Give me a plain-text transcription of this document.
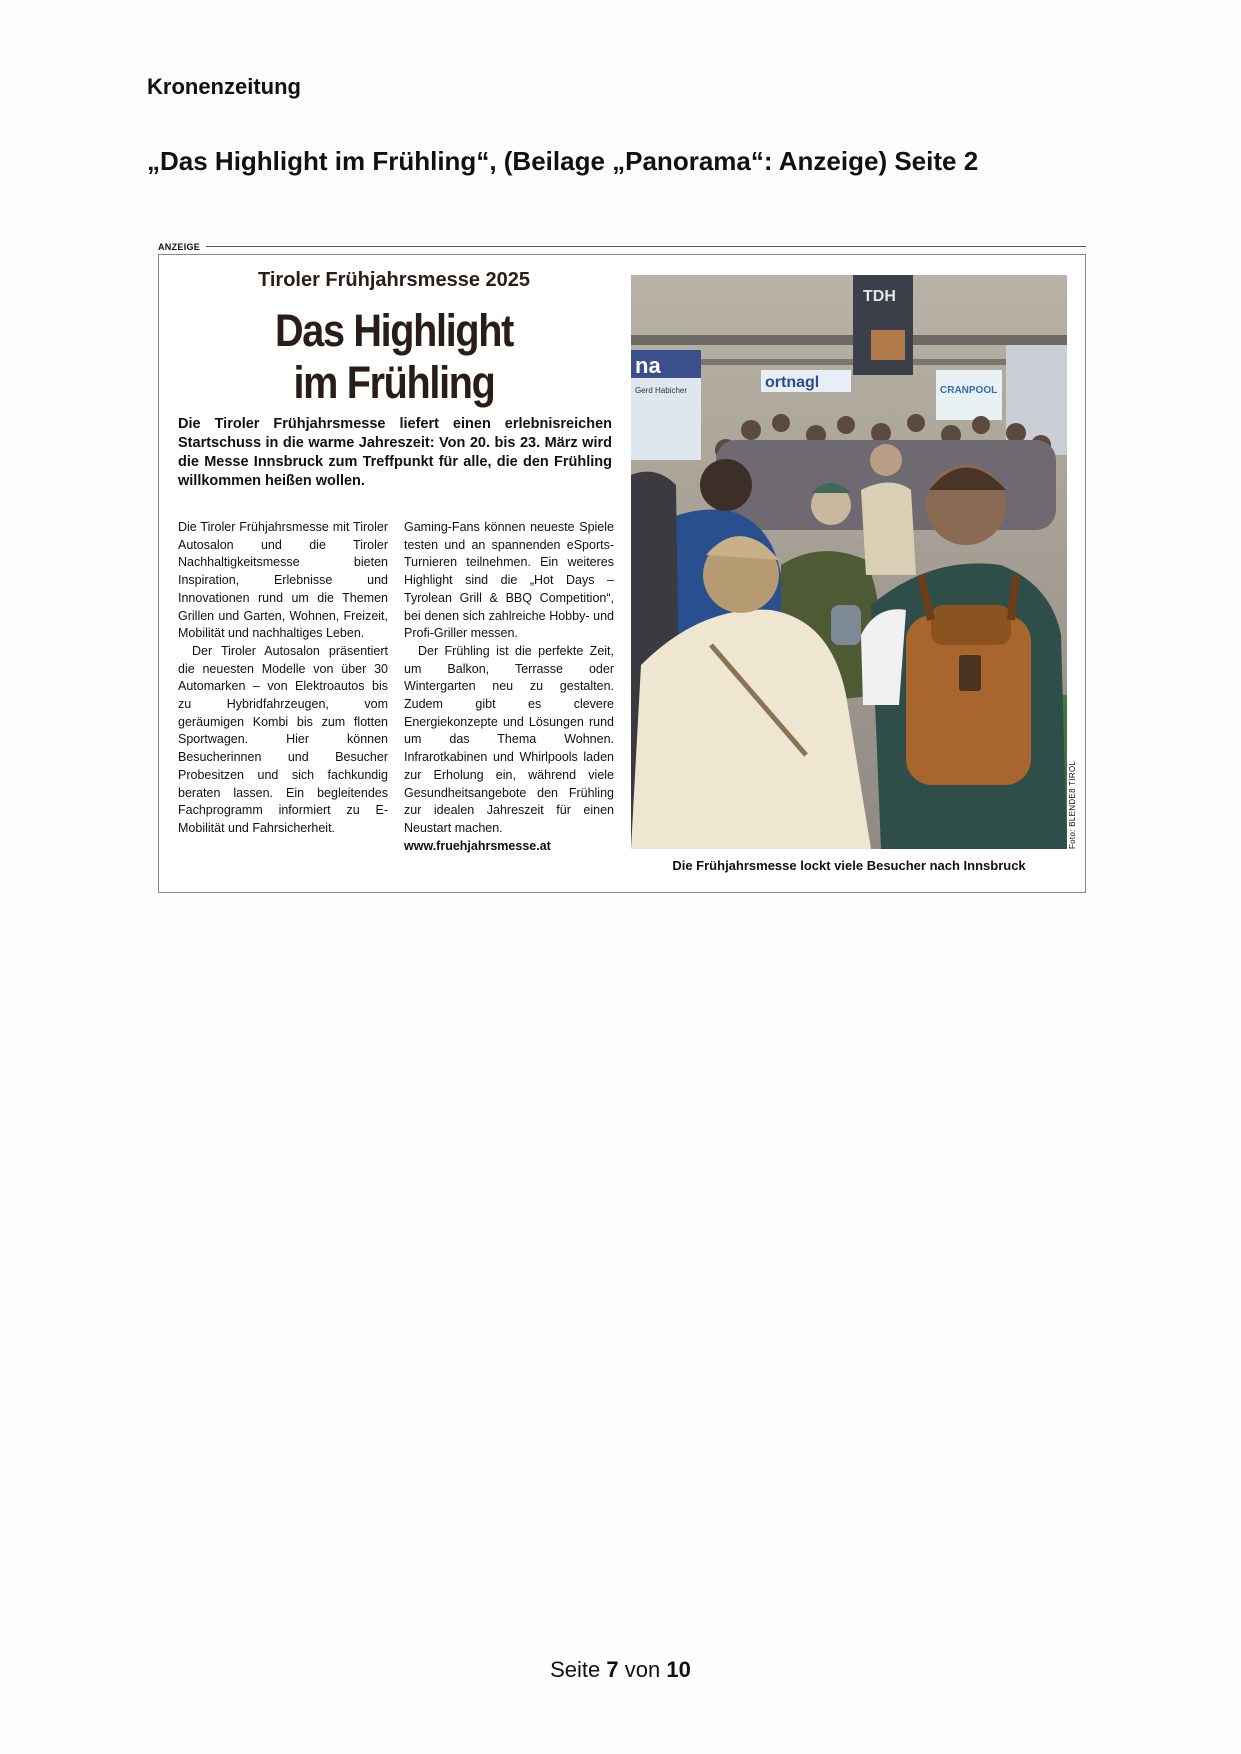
Kronenzeitung
„Das Highlight im Frühling“, (Beilage „Panorama“: Anzeige) Seite 2
ANZEIGE
Tiroler Frühjahrsmesse 2025
Das Highlight
im Frühling
Die Tiroler Frühjahrsmesse liefert einen erlebnisreichen Startschuss in die warme Jahreszeit: Von 20. bis 23. März wird die Messe Innsbruck zum Treffpunkt für alle, die den Frühling willkommen heißen wollen.

Die Tiroler Frühjahrsmesse mit Tiroler Autosalon und die Tiroler Nachhaltigkeitsmesse bieten Inspiration, Erlebnisse und Innovationen rund um die Themen Grillen und Garten, Wohnen, Freizeit, Mobilität und nachhaltiges Leben.

Der Tiroler Autosalon präsentiert die neuesten Modelle von über 30 Automarken – von Elektroautos bis zu Hybridfahrzeugen, vom geräumigen Kombi bis zum flotten Sportwagen. Hier können Besucherinnen und Besucher Probesitzen und sich fachkundig beraten lassen. Ein begleitendes Fachprogramm informiert zu E-Mobilität und Fahrsicherheit.

Gaming-Fans können neueste Spiele testen und an spannenden eSports-Turnieren teilnehmen. Ein weiteres Highlight sind die „Hot Days – Tyrolean Grill & BBQ Competition“, bei denen sich zahlreiche Hobby- und Profi-Griller messen.

Der Frühling ist die perfekte Zeit, um Balkon, Terrasse oder Wintergarten neu zu gestalten. Zudem gibt es clevere Energiekonzepte und Lösungen rund um das Thema Wohnen. Infrarotkabinen und Whirlpools laden zur Erholung ein, während viele Gesundheitsangebote den Frühling zur idealen Jahreszeit für einen Neustart machen.

www.fruehjahrsmesse.at
na
Gerd Habicher	ortnagl
TDH
CRANPOOL
Foto: BLENDE8 TIROL
Die Frühjahrsmesse lockt viele Besucher nach Innsbruck
Seite 7 von 10
